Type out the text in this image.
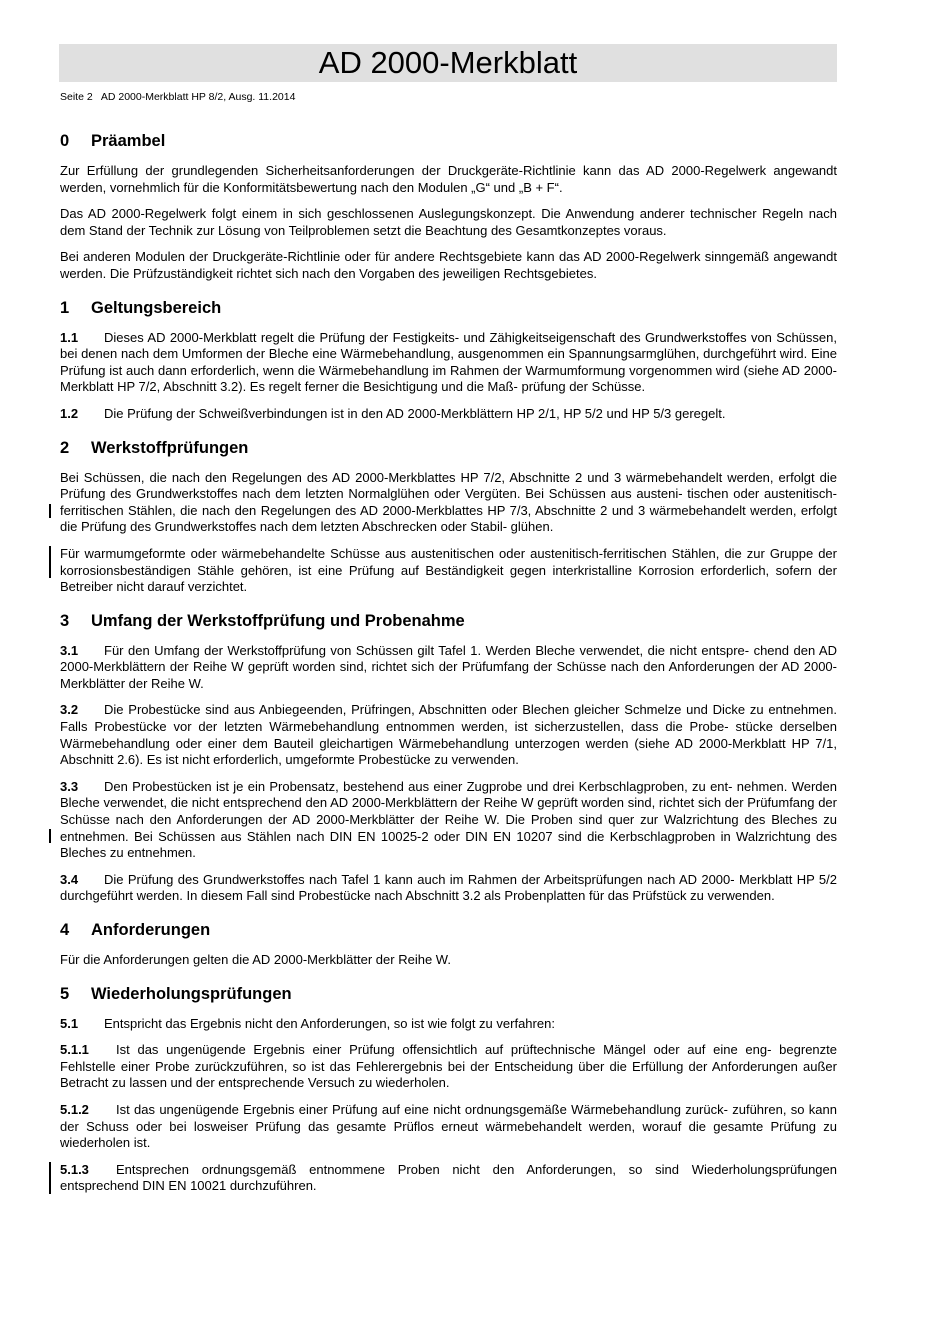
AD 2000-Merkblatt
Seite 2   AD 2000-Merkblatt HP 8/2, Ausg. 11.2014
0	Präambel

Zur Erfüllung der grundlegenden Sicherheitsanforderungen der Druckgeräte-Richtlinie kann das AD 2000-Regelwerk angewandt werden, vornehmlich für die Konformitätsbewertung nach den Modulen „G“ und „B + F“.

Das AD 2000-Regelwerk folgt einem in sich geschlossenen Auslegungskonzept. Die Anwendung anderer technischer Regeln nach dem Stand der Technik zur Lösung von Teilproblemen setzt die Beachtung des Gesamtkonzeptes voraus.

Bei anderen Modulen der Druckgeräte-Richtlinie oder für andere Rechtsgebiete kann das AD 2000-Regelwerk sinngemäß angewandt werden. Die Prüfzuständigkeit richtet sich nach den Vorgaben des jeweiligen Rechtsgebietes.

1	Geltungsbereich

1.1 Dieses AD 2000-Merkblatt regelt die Prüfung der Festigkeits- und Zähigkeitseigenschaft des Grundwerkstoffes von Schüssen, bei denen nach dem Umformen der Bleche eine Wärmebehandlung, ausgenommen ein Spannungsarmglühen, durchgeführt wird. Eine Prüfung ist auch dann erforderlich, wenn die Wärmebehandlung im Rahmen der Warmumformung vorgenommen wird (siehe AD 2000-Merkblatt HP 7/2, Abschnitt 3.2). Es regelt ferner die Besichtigung und die Maß- prüfung der Schüsse.

1.2 Die Prüfung der Schweißverbindungen ist in den AD 2000-Merkblättern HP 2/1, HP 5/2 und HP 5/3 geregelt.

2	Werkstoffprüfungen

Bei Schüssen, die nach den Regelungen des AD 2000-Merkblattes HP 7/2, Abschnitte 2 und 3 wärmebehandelt werden, erfolgt die Prüfung des Grundwerkstoffes nach dem letzten Normalglühen oder Vergüten. Bei Schüssen aus austeni- tischen oder austenitisch-ferritischen Stählen, die nach den Regelungen des AD 2000-Merkblattes HP 7/3, Abschnitte 2 und 3 wärmebehandelt werden, erfolgt die Prüfung des Grundwerkstoffes nach dem letzten Abschrecken oder Stabil- glühen.

Für warmumgeformte oder wärmebehandelte Schüsse aus austenitischen oder austenitisch-ferritischen Stählen, die zur Gruppe der korrosionsbeständigen Stähle gehören, ist eine Prüfung auf Beständigkeit gegen interkristalline Korrosion erforderlich, sofern der Betreiber nicht darauf verzichtet.

3	Umfang der Werkstoffprüfung und Probenahme

3.1 Für den Umfang der Werkstoffprüfung von Schüssen gilt Tafel 1. Werden Bleche verwendet, die nicht entspre- chend den AD 2000-Merkblättern der Reihe W geprüft worden sind, richtet sich der Prüfumfang der Schüsse nach den Anforderungen der AD 2000-Merkblätter der Reihe W.

3.2 Die Probestücke sind aus Anbiegeenden, Prüfringen, Abschnitten oder Blechen gleicher Schmelze und Dicke zu entnehmen. Falls Probestücke vor der letzten Wärmebehandlung entnommen werden, ist sicherzustellen, dass die Probe- stücke derselben Wärmebehandlung oder einer dem Bauteil gleichartigen Wärmebehandlung unterzogen werden (siehe AD 2000-Merkblatt HP 7/1, Abschnitt 2.6). Es ist nicht erforderlich, umgeformte Probestücke zu verwenden.

3.3 Den Probestücken ist je ein Probensatz, bestehend aus einer Zugprobe und drei Kerbschlagproben, zu ent- nehmen. Werden Bleche verwendet, die nicht entsprechend den AD 2000-Merkblättern der Reihe W geprüft worden sind, richtet sich der Prüfumfang der Schüsse nach den Anforderungen der AD 2000-Merkblätter der Reihe W. Die Proben sind quer zur Walzrichtung des Bleches zu entnehmen. Bei Schüssen aus Stählen nach DIN EN 10025-2 oder DIN EN 10207 sind die Kerbschlagproben in Walzrichtung des Bleches zu entnehmen.

3.4 Die Prüfung des Grundwerkstoffes nach Tafel 1 kann auch im Rahmen der Arbeitsprüfungen nach AD 2000- Merkblatt HP 5/2 durchgeführt werden. In diesem Fall sind Probestücke nach Abschnitt 3.2 als Probenplatten für das Prüfstück zu verwenden.

4	Anforderungen

Für die Anforderungen gelten die AD 2000-Merkblätter der Reihe W.

5	Wiederholungsprüfungen

5.1 Entspricht das Ergebnis nicht den Anforderungen, so ist wie folgt zu verfahren:

5.1.1 Ist das ungenügende Ergebnis einer Prüfung offensichtlich auf prüftechnische Mängel oder auf eine eng- begrenzte Fehlstelle einer Probe zurückzuführen, so ist das Fehlerergebnis bei der Entscheidung über die Erfüllung der Anforderungen außer Betracht zu lassen und der entsprechende Versuch zu wiederholen.

5.1.2 Ist das ungenügende Ergebnis einer Prüfung auf eine nicht ordnungsgemäße Wärmebehandlung zurück- zuführen, so kann der Schuss oder bei losweiser Prüfung das gesamte Prüflos erneut wärmebehandelt werden, worauf die gesamte Prüfung zu wiederholen ist.

5.1.3 Entsprechen ordnungsgemäß entnommene Proben nicht den Anforderungen, so sind Wiederholungsprüfungen entsprechend DIN EN 10021 durchzuführen.
